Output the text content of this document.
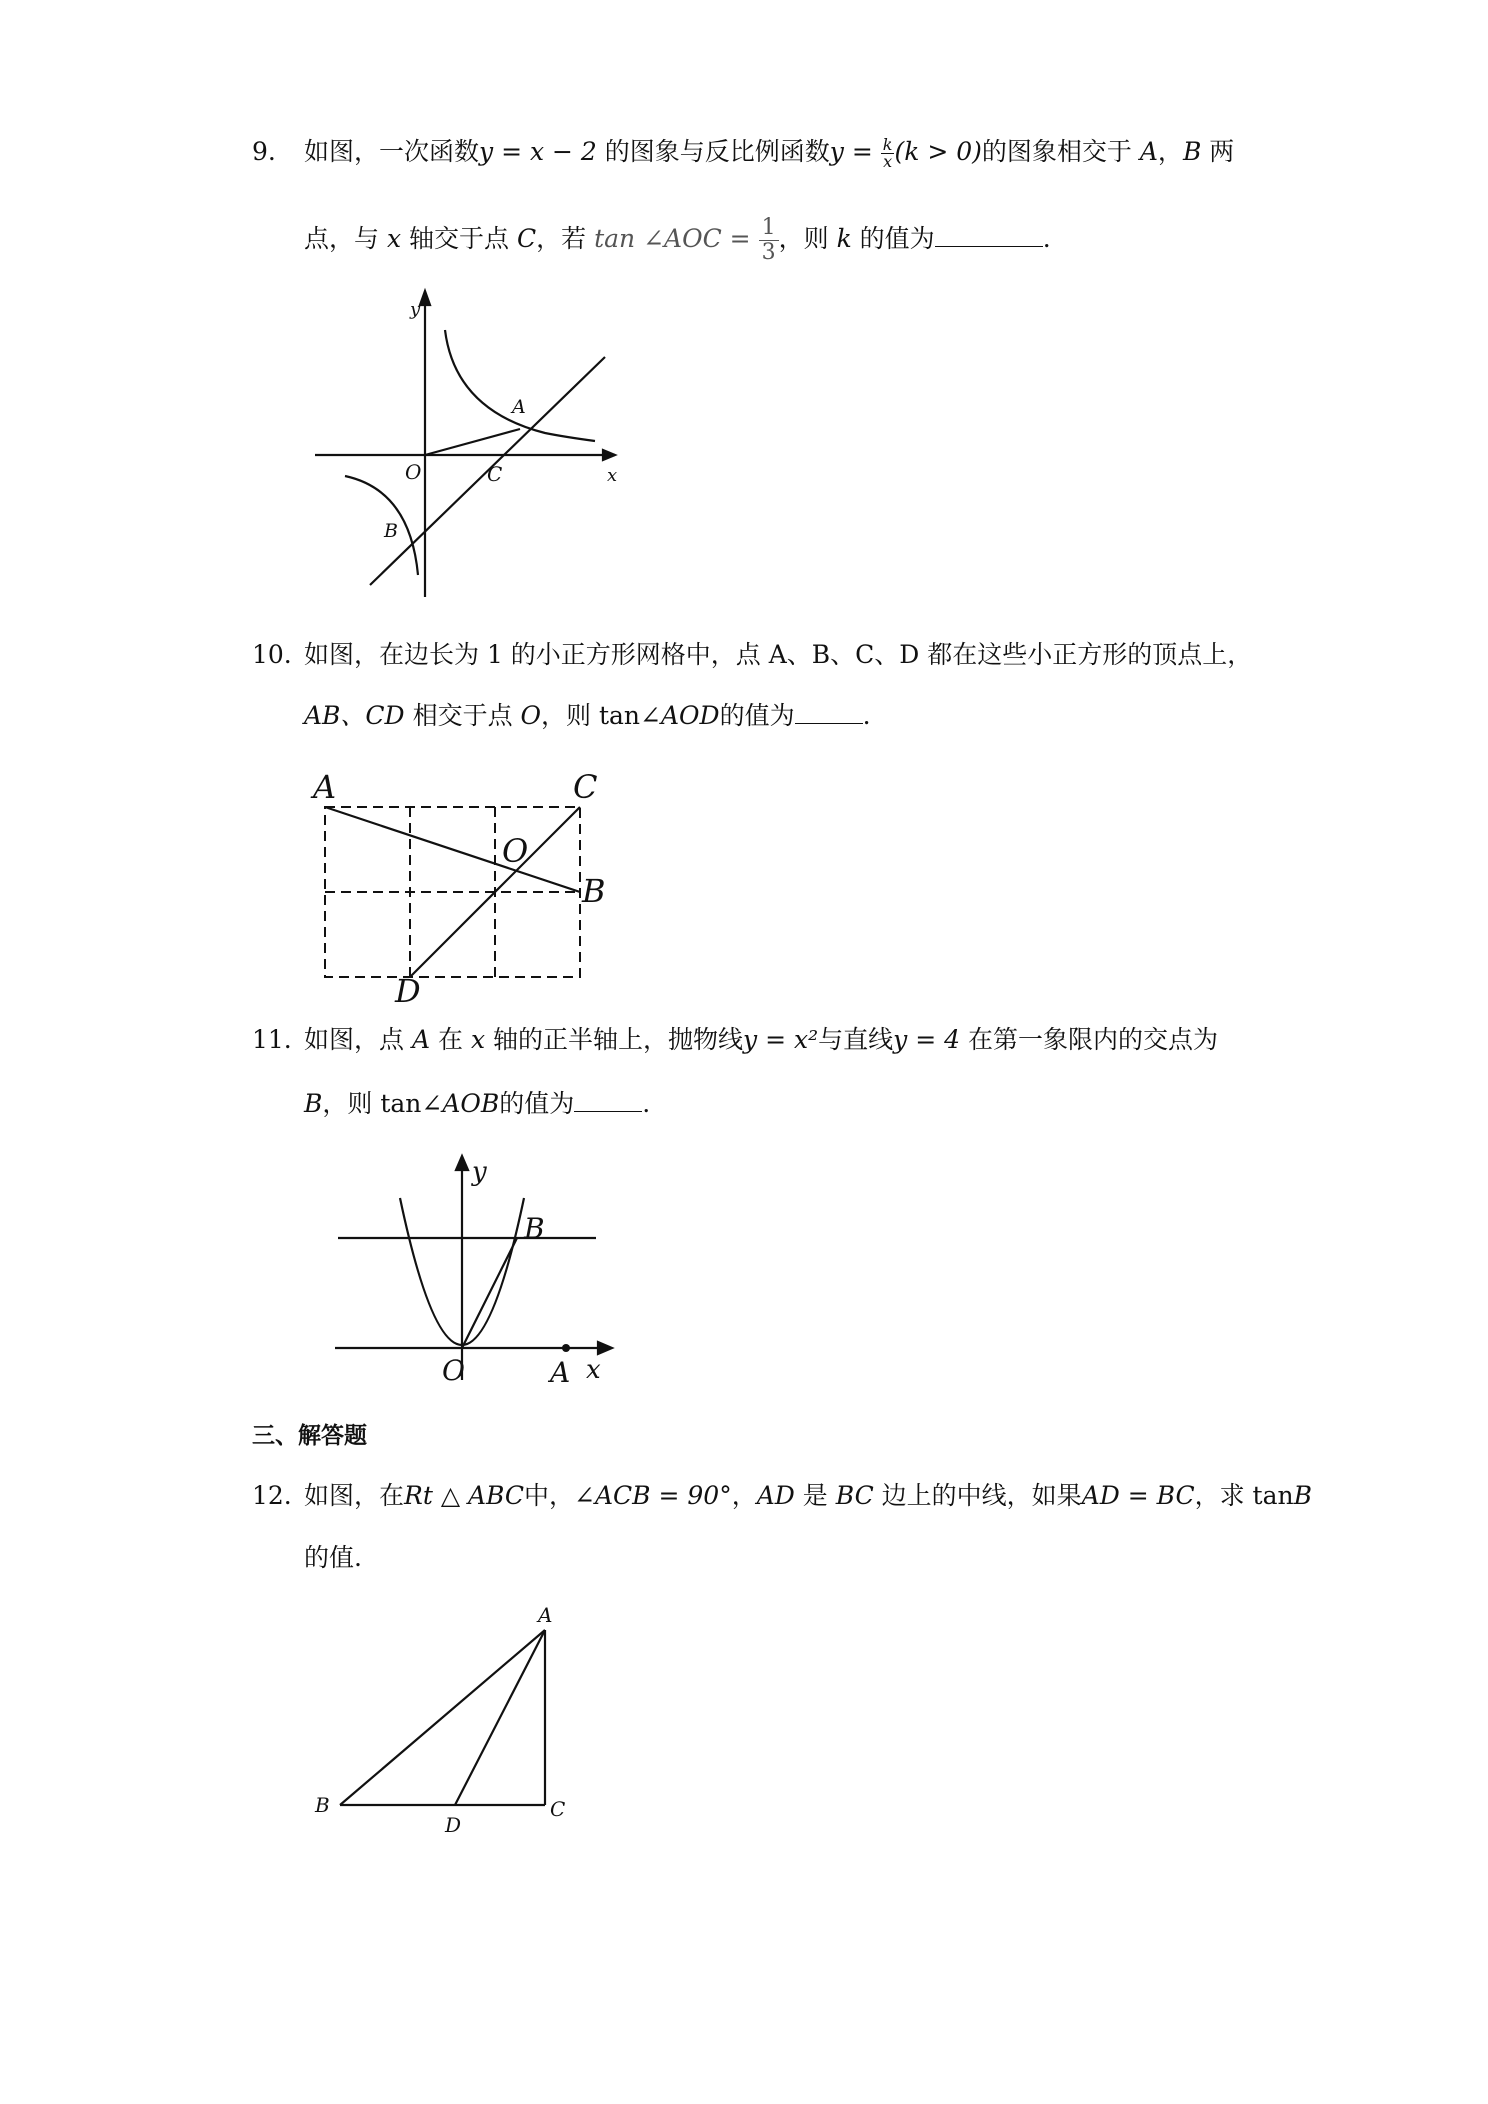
9. 如图，一次函数y = x − 2 的图象与反比例函数$y = \frac{k}{x} (k > 0)$的图象相交于 A，B 两
点，与 x 轴交于点 C，若 tan ∠AOC = $\frac{1}{3}$ ，则 k 的值为	.
y
x
O
A
B
C
10. 如图，在边长为 1 的小正方形网格中，点 A、B、C、D 都在这些小正方形的顶点上，
AB、CD 相交于点 O，则 tan∠AOD的值为	.
A	C
B
D
O
11. 如图，点 A 在 x 轴的正半轴上，抛物线y = x²与直线y = 4 在第一象限内的交点为
B，则 tan∠AOB的值为	.
y
x
O	A
B
三、解答题
12. 如图，在Rt △ ABC中，∠ACB = 90°，AD 是 BC 边上的中线，如果AD = BC，求 tanB
的值.
A
B	C
D
